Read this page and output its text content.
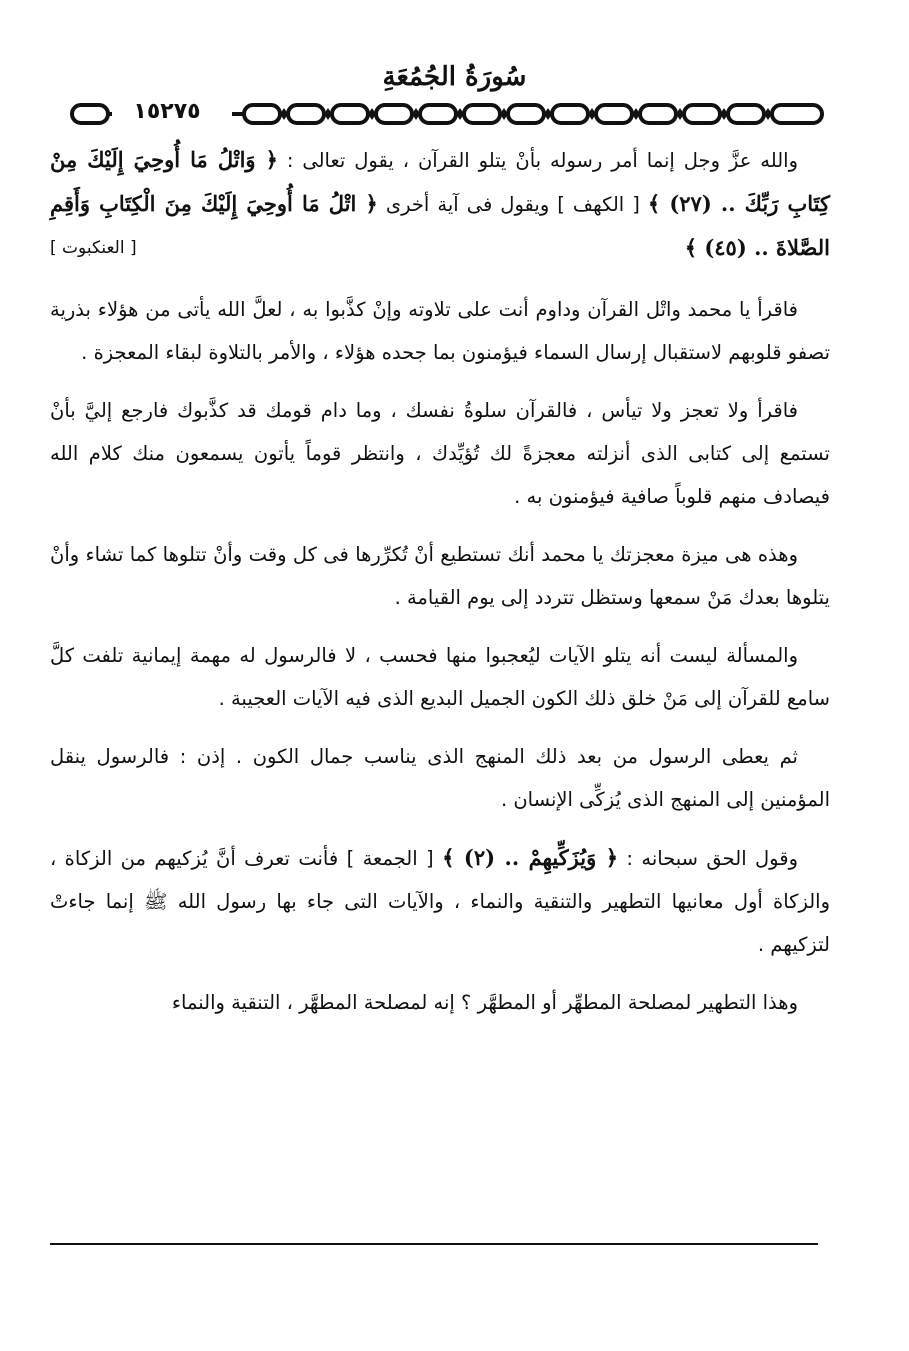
سُورَةُ الجُمُعَةِ
١٥٢٧٥

والله عزَّ وجل إنما أمر رسوله بأنْ يتلو القرآن ، يقول تعالى : ﴿ وَاتْلُ مَا أُوحِيَ إِلَيْكَ مِنْ كِتَابِ رَبِّكَ .. (٢٧) ﴾ [ الكهف ] ويقول فى آية أخرى ﴿ اتْلُ مَا أُوحِيَ إِلَيْكَ مِنَ الْكِتَابِ وَأَقِمِ الصَّلاةَ .. (٤٥) ﴾
[ العنكبوت ]

فاقرأ يا محمد واتْل القرآن وداوم أنت على تلاوته وإنْ كذَّبوا به ، لعلَّ الله يأتى من هؤلاء بذرية تصفو قلوبهم لاستقبال إرسال السماء فيؤمنون بما جحده هؤلاء ، والأمر بالتلاوة لبقاء المعجزة .

فاقرأ ولا تعجز ولا تيأس ، فالقرآن سلوةُ نفسك ، وما دام قومك قد كذَّبوك فارجع إليَّ بأنْ تستمع إلى كتابى الذى أنزلته معجزةً لك تُؤيِّدك ، وانتظر قوماً يأتون يسمعون منك كلام الله فيصادف منهم قلوباً صافية فيؤمنون به .

وهذه هى ميزة معجزتك يا محمد أنك تستطيع أنْ تُكرِّرها فى كل وقت وأنْ تتلوها كما تشاء وأنْ يتلوها بعدك مَنْ سمعها وستظل تتردد إلى يوم القيامة .

والمسألة ليست أنه يتلو الآيات ليُعجبوا منها فحسب ، لا فالرسول له مهمة إيمانية تلفت كلَّ سامع للقرآن إلى مَنْ خلق ذلك الكون الجميل البديع الذى فيه الآيات العجيبة .

ثم يعطى الرسول من بعد ذلك المنهج الذى يناسب جمال الكون . إذن : فالرسول ينقل المؤمنين إلى المنهج الذى يُزكِّى الإنسان .

وقول الحق سبحانه : ﴿ وَيُزَكِّيهِمْ .. (٢) ﴾ [ الجمعة ] فأنت تعرف أنَّ يُزكيهم من الزكاة ، والزكاة أول معانيها التطهير والتنقية والنماء ، والآيات التى جاء بها رسول الله ﷺ إنما جاءتْ لتزكيهم .

وهذا التطهير لمصلحة المطهِّر أو المطهَّر ؟ إنه لمصلحة المطهَّر ، التنقية والنماء
